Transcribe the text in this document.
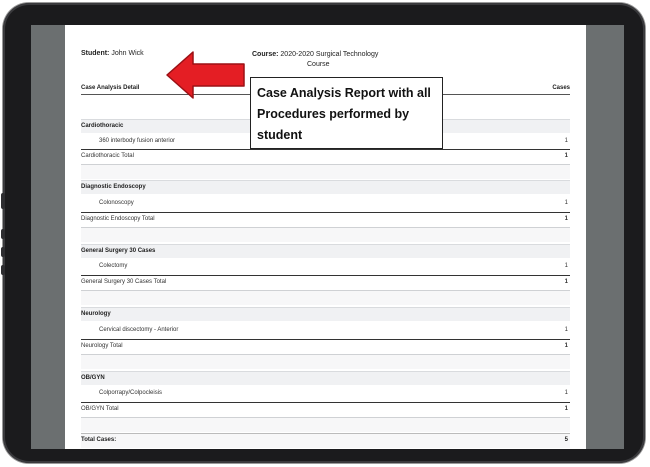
Student: John Wick	Course: 2020-2020 Surgical Technology
Course
Case Analysis Detail	Cases
Cardiothoracic
360 interbody fusion anterior	1
Cardiothoracic Total	1
Diagnostic Endoscopy
Colonoscopy	1
Diagnostic Endoscopy Total	1
General Surgery 30 Cases
Colectomy	1
General Surgery 30 Cases Total	1
Neurology
Cervical discectomy - Anterior	1
Neurology Total	1
OB/GYN
Colporrapy/Colpocleisis	1
OB/GYN Total	1
Total Cases:	5
Case Analysis Report with all
Procedures performed by
student
